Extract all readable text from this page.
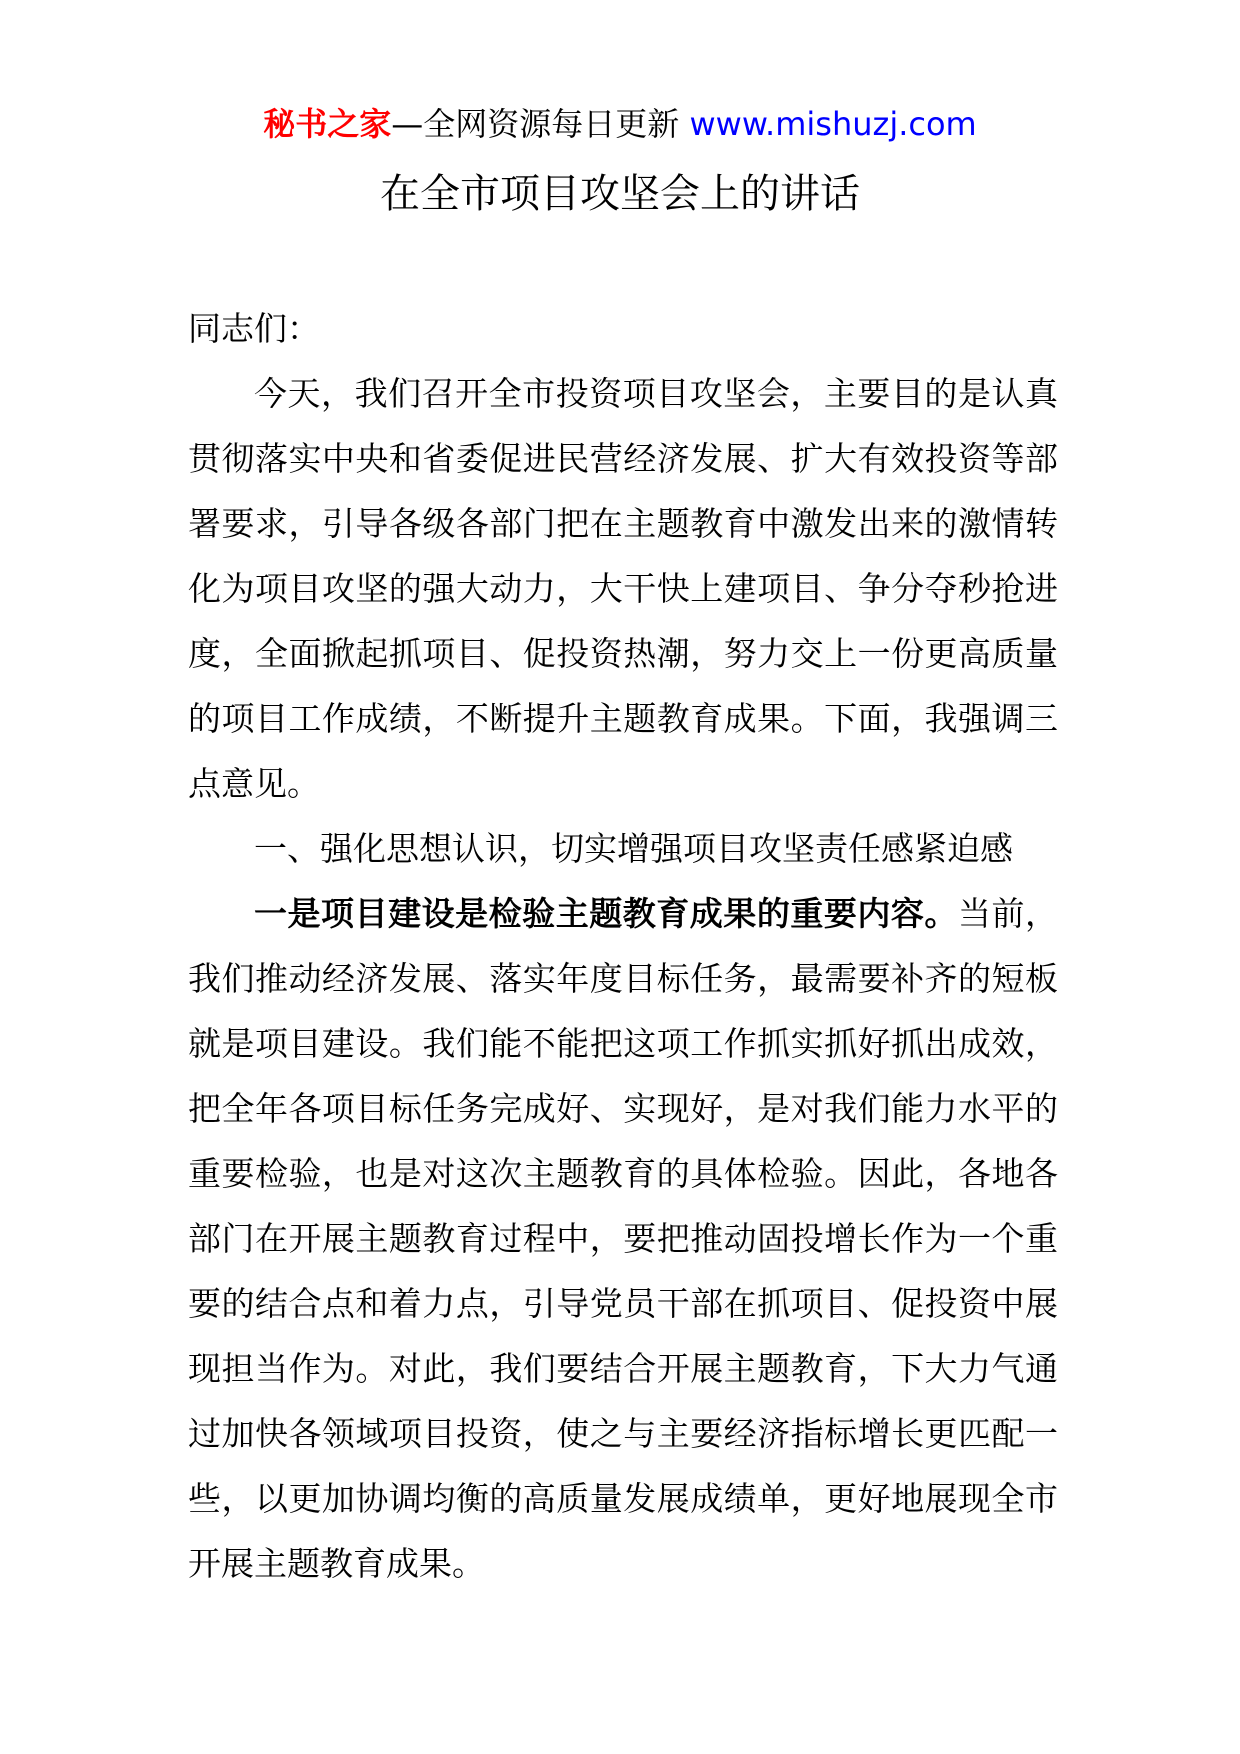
秘书之家—全网资源每日更新 www.mishuzj.com
在全市项目攻坚会上的讲话

同志们：

今天，我们召开全市投资项目攻坚会，主要目的是认真贯彻落实中央和省委促进民营经济发展、扩大有效投资等部署要求，引导各级各部门把在主题教育中激发出来的激情转化为项目攻坚的强大动力，大干快上建项目、争分夺秒抢进度，全面掀起抓项目、促投资热潮，努力交上一份更高质量的项目工作成绩，不断提升主题教育成果。下面，我强调三点意见。

一、强化思想认识，切实增强项目攻坚责任感紧迫感

一是项目建设是检验主题教育成果的重要内容。当前，我们推动经济发展、落实年度目标任务，最需要补齐的短板就是项目建设。我们能不能把这项工作抓实抓好抓出成效，把全年各项目标任务完成好、实现好，是对我们能力水平的重要检验，也是对这次主题教育的具体检验。因此，各地各部门在开展主题教育过程中，要把推动固投增长作为一个重要的结合点和着力点，引导党员干部在抓项目、促投资中展现担当作为。对此，我们要结合开展主题教育，下大力气通过加快各领域项目投资，使之与主要经济指标增长更匹配一些，以更加协调均衡的高质量发展成绩单，更好地展现全市开展主题教育成果。
